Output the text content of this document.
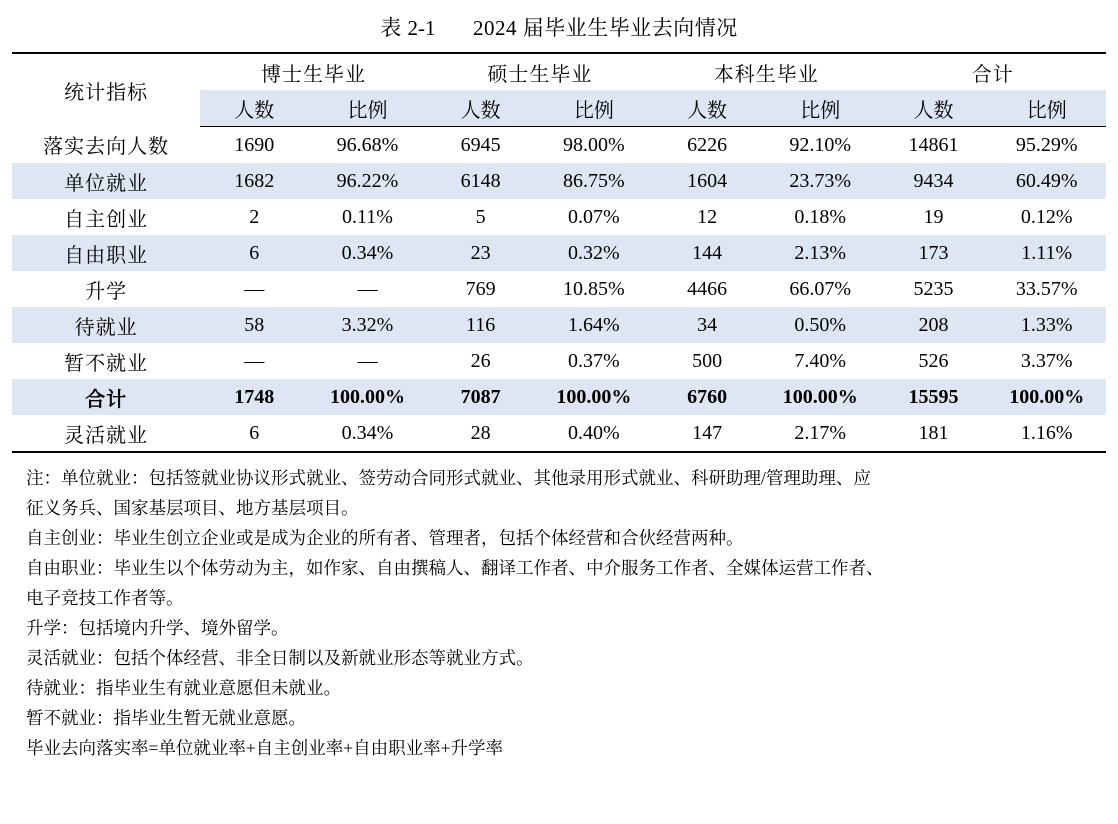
表 2-1 2024 届毕业生毕业去向情况
统计指标	博士生毕业		硕士生毕业		本科生毕业		合计	
	人数	比例	人数	比例	人数	比例	人数	比例
落实去向人数	1690	96.68%	6945	98.00%	6226	92.10%	14861	95.29%
单位就业	1682	96.22%	6148	86.75%	1604	23.73%	9434	60.49%
自主创业	2	0.11%	5	0.07%	12	0.18%	19	0.12%
自由职业	6	0.34%	23	0.32%	144	2.13%	173	1.11%
升学	—	—	769	10.85%	4466	66.07%	5235	33.57%
待就业	58	3.32%	116	1.64%	34	0.50%	208	1.33%
暂不就业	—	—	26	0.37%	500	7.40%	526	3.37%
合计	1748	100.00%	7087	100.00%	6760	100.00%	15595	100.00%
灵活就业	6	0.34%	28	0.40%	147	2.17%	181	1.16%

注：单位就业：包括签就业协议形式就业、签劳动合同形式就业、其他录用形式就业、科研助理/管理助理、应

征义务兵、国家基层项目、地方基层项目。

自主创业：毕业生创立企业或是成为企业的所有者、管理者，包括个体经营和合伙经营两种。

自由职业：毕业生以个体劳动为主，如作家、自由撰稿人、翻译工作者、中介服务工作者、全媒体运营工作者、

电子竞技工作者等。

升学：包括境内升学、境外留学。

灵活就业：包括个体经营、非全日制以及新就业形态等就业方式。

待就业：指毕业生有就业意愿但未就业。

暂不就业：指毕业生暂无就业意愿。

毕业去向落实率=单位就业率+自主创业率+自由职业率+升学率
